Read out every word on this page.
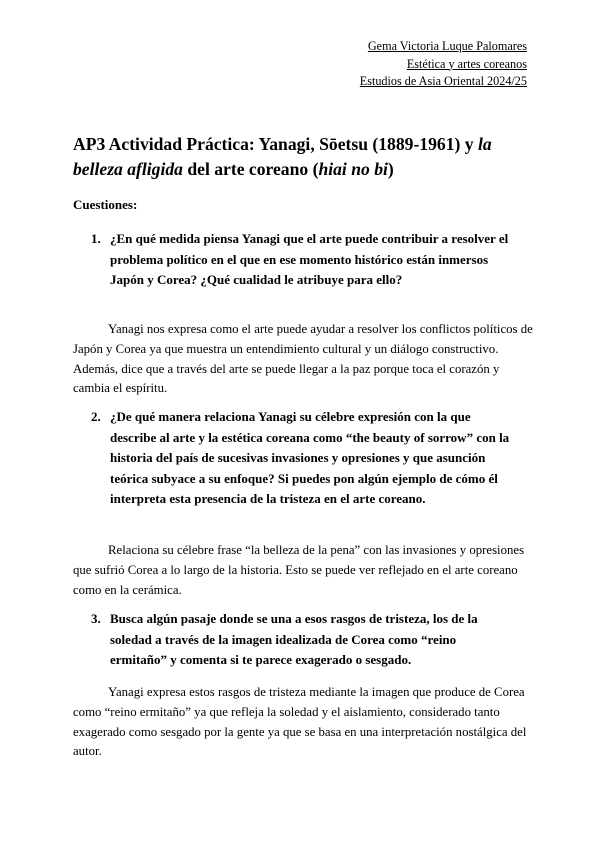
Gema Victoria Luque Palomares
Estética y artes coreanos
Estudios de Asia Oriental 2024/25
AP3 Actividad Práctica: Yanagi, Sōetsu (1889-1961) y la belleza afligida del arte coreano (hiai no bi)

Cuestiones:

1. ¿En qué medida piensa Yanagi que el arte puede contribuir a resolver el problema político en el que en ese momento histórico están inmersos Japón y Corea? ¿Qué cualidad le atribuye para ello?

Yanagi nos expresa como el arte puede ayudar a resolver los conflictos políticos de Japón y Corea ya que muestra un entendimiento cultural y un diálogo constructivo. Además, dice que a través del arte se puede llegar a la paz porque toca el corazón y cambia el espíritu.

2. ¿De qué manera relaciona Yanagi su célebre expresión con la que describe al arte y la estética coreana como “the beauty of sorrow” con la historia del país de sucesivas invasiones y opresiones y que asunción teórica subyace a su enfoque? Si puedes pon algún ejemplo de cómo él interpreta esta presencia de la tristeza en el arte coreano.

Relaciona su célebre frase “la belleza de la pena” con las invasiones y opresiones que sufrió Corea a lo largo de la historia. Esto se puede ver reflejado en el arte coreano como en la cerámica.

3. Busca algún pasaje donde se una a esos rasgos de tristeza, los de la soledad a través de la imagen idealizada de Corea como “reino ermitaño” y comenta si te parece exagerado o sesgado.

Yanagi expresa estos rasgos de tristeza mediante la imagen que produce de Corea como “reino ermitaño” ya que refleja la soledad y el aislamiento, considerado tanto exagerado como sesgado por la gente ya que se basa en una interpretación nostálgica del autor.
